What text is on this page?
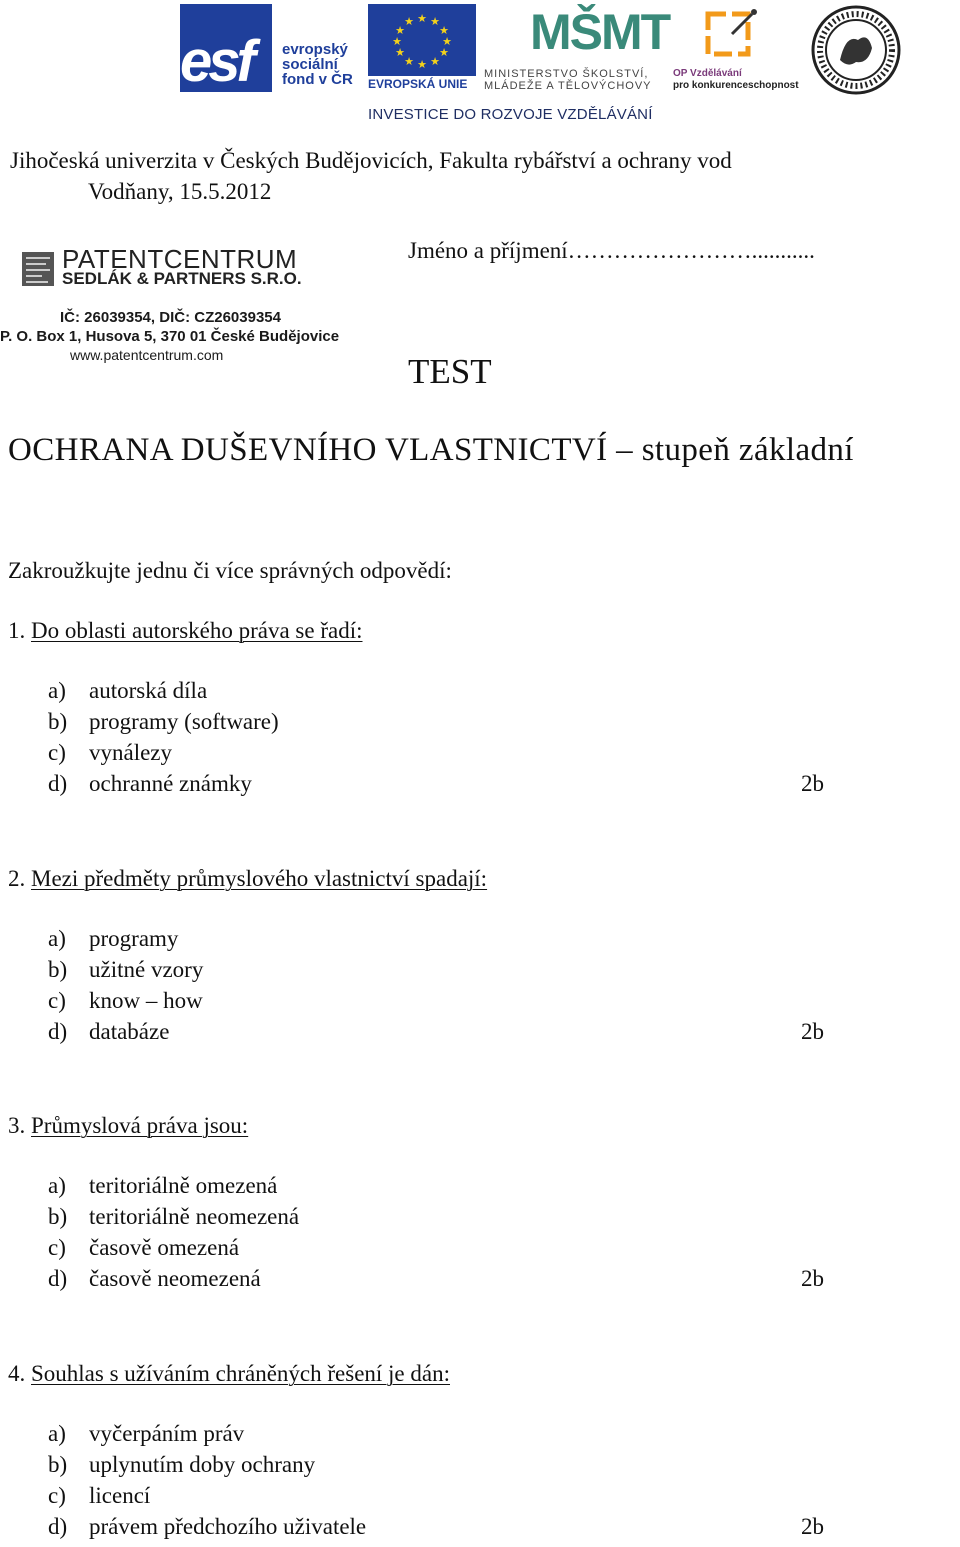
esf	evropský
sociální
fond v ČR
★ ★
★
★
★
★
★
★
★
★
★
★
EVROPSKÁ UNIE
MŠMT
MINISTERSTVO ŠKOLSTVÍ,
MLÁDEŽE A TĚLOVÝCHOVY
OP Vzdělávání
pro konkurenceschopnost
INVESTICE DO ROZVOJE VZDĚLÁVÁNÍ
Jihočeská univerzita v Českých Budějovicích, Fakulta rybářství a ochrany vod
Vodňany, 15.5.2012
Jméno a příjmení……………………...........
PATENTCENTRUM
SEDLÁK & PARTNERS S.R.O.
IČ: 26039354, DIČ: CZ26039354
P. O. Box 1, Husova 5, 370 01 České Budějovice
www.patentcentrum.com	TEST
OCHRANA DUŠEVNÍHO VLASTNICTVÍ – stupeň základní
Zakroužkujte jednu či více správných odpovědí:
1. Do oblasti autorského práva se řadí:
a) autorská díla
b) programy (software)
c) vynálezy
d) ochranné známky	2b
2. Mezi předměty průmyslového vlastnictví spadají:
a) programy
b) užitné vzory
c) know – how
d) databáze	2b
3. Průmyslová práva jsou:
a) teritoriálně omezená
b) teritoriálně neomezená
c) časově omezená
d) časově neomezená	2b
4. Souhlas s užíváním chráněných řešení je dán:
a) vyčerpáním práv
b) uplynutím doby ochrany
c) licencí
d) právem předchozího uživatele	2b
